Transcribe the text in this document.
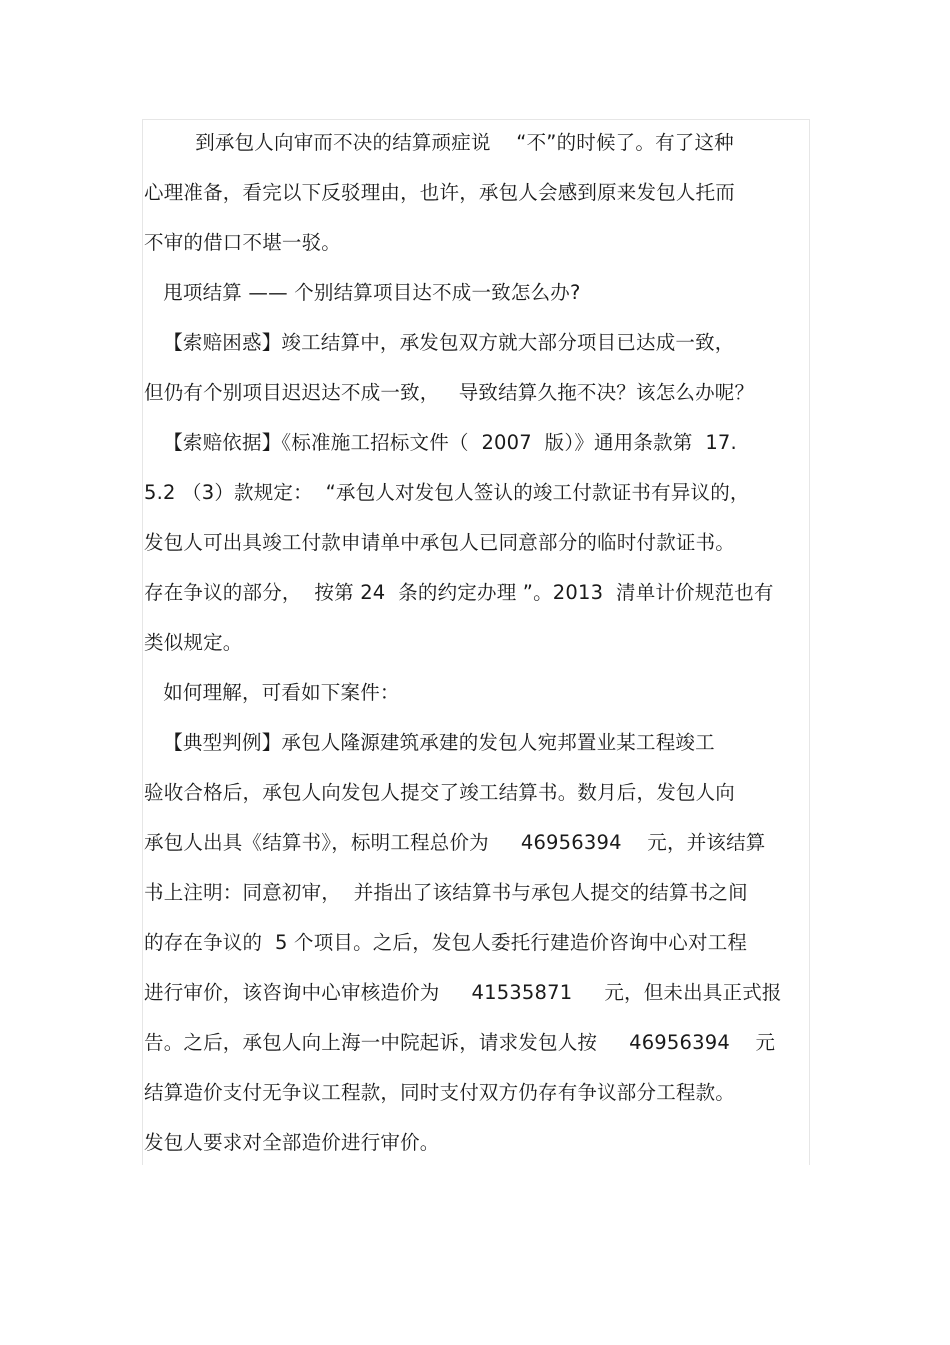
到承包人向审而不决的结算顽症说    “不”的时候了。有了这种
心理准备，看完以下反驳理由，也许，承包人会感到原来发包人托而
不审的借口不堪一驳。
甩项结算 —— 个别结算项目达不成一致怎么办?
【索赔困惑】竣工结算中，承发包双方就大部分项目已达成一致，
但仍有个别项目迟迟达不成一致，   导致结算久拖不决？该怎么办呢？
【索赔依据】《标准施工招标文件（  2007  版）》通用条款第  17.
5.2 （3）款规定：  “承包人对发包人签认的竣工付款证书有异议的，
发包人可出具竣工付款申请单中承包人已同意部分的临时付款证书。
存在争议的部分，  按第 24  条的约定办理 ”。2013  清单计价规范也有
类似规定。
如何理解，可看如下案件：
【典型判例】承包人隆源建筑承建的发包人宛邦置业某工程竣工
验收合格后，承包人向发包人提交了竣工结算书。数月后，发包人向
承包人出具《结算书》，标明工程总价为     46956394    元，并该结算
书上注明：同意初审，  并指出了该结算书与承包人提交的结算书之间
的存在争议的  5 个项目。之后，发包人委托行建造价咨询中心对工程
进行审价，该咨询中心审核造价为     41535871     元，但未出具正式报
告。之后，承包人向上海一中院起诉，请求发包人按     46956394    元
结算造价支付无争议工程款，同时支付双方仍存有争议部分工程款。
发包人要求对全部造价进行审价。
